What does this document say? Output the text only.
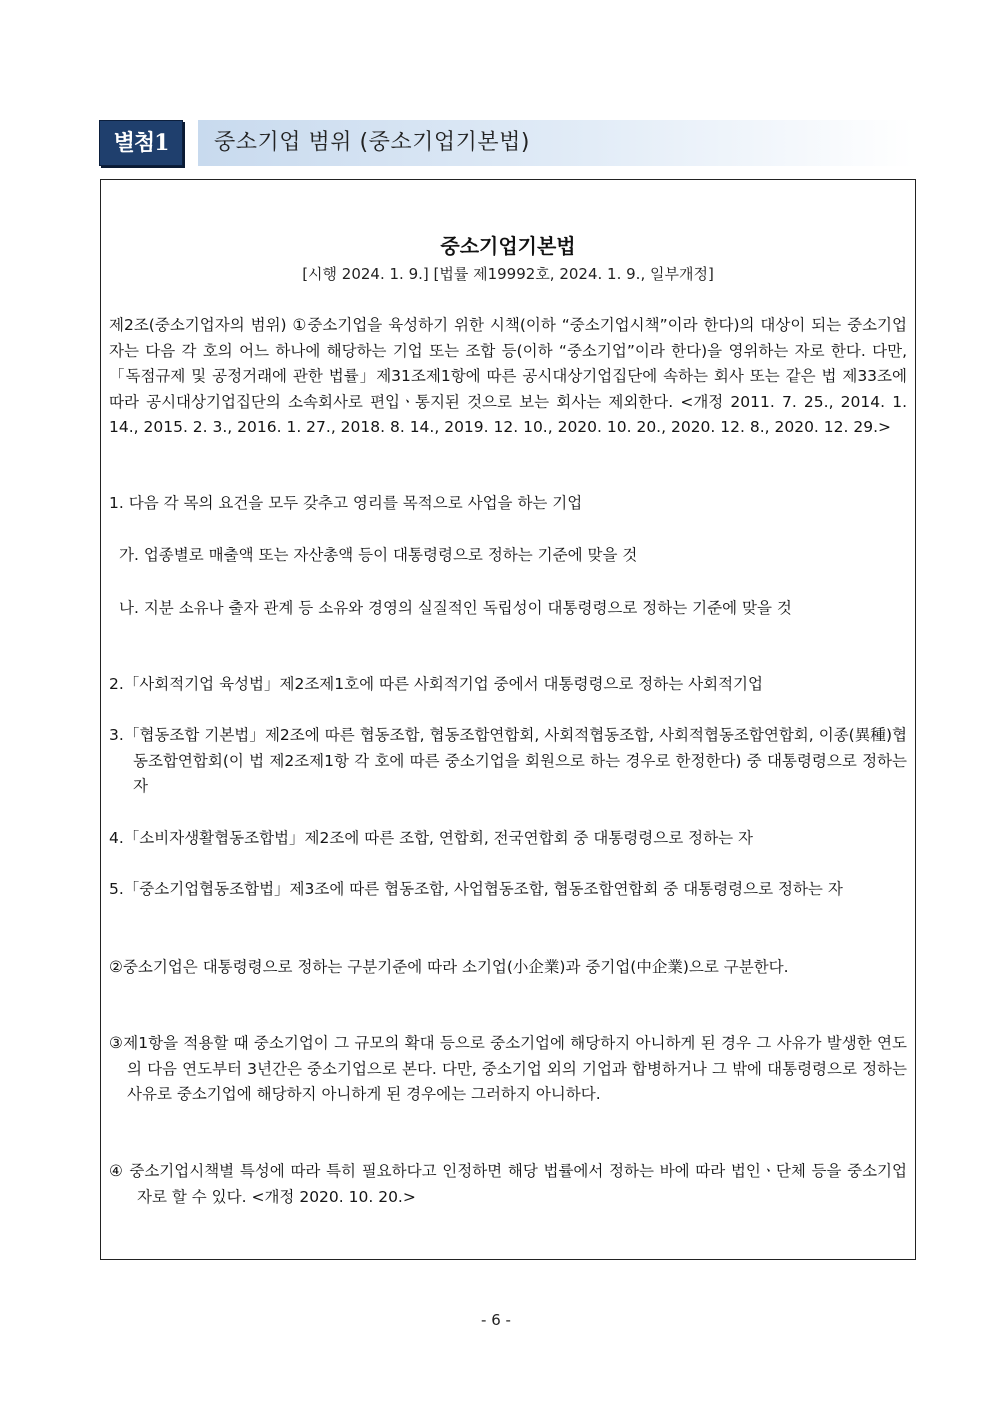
별첨1	중소기업 범위 (중소기업기본법)
중소기업기본법
[시행 2024. 1. 9.] [법률 제19992호, 2024. 1. 9., 일부개정]

제2조(중소기업자의 범위) ①중소기업을 육성하기 위한 시책(이하 “중소기업시책”이라 한다)의 대상이 되는 중소기업자는 다음 각 호의 어느 하나에 해당하는 기업 또는 조합 등(이하 “중소기업”이라 한다)을 영위하는 자로 한다. 다만,「독점규제 및 공정거래에 관한 법률」제31조제1항에 따른 공시대상기업집단에 속하는 회사 또는 같은 법 제33조에 따라 공시대상기업집단의 소속회사로 편입ㆍ통지된 것으로 보는 회사는 제외한다. <개정 2011. 7. 25., 2014. 1. 14., 2015. 2. 3., 2016. 1. 27., 2018. 8. 14., 2019. 12. 10., 2020. 10. 20., 2020. 12. 8., 2020. 12. 29.>

1. 다음 각 목의 요건을 모두 갖추고 영리를 목적으로 사업을 하는 기업

가. 업종별로 매출액 또는 자산총액 등이 대통령령으로 정하는 기준에 맞을 것

나. 지분 소유나 출자 관계 등 소유와 경영의 실질적인 독립성이 대통령령으로 정하는 기준에 맞을 것

2.「사회적기업 육성법」제2조제1호에 따른 사회적기업 중에서 대통령령으로 정하는 사회적기업

3.「협동조합 기본법」제2조에 따른 협동조합, 협동조합연합회, 사회적협동조합, 사회적협동조합연합회, 이종(異種)협동조합연합회(이 법 제2조제1항 각 호에 따른 중소기업을 회원으로 하는 경우로 한정한다) 중 대통령령으로 정하는 자

4.「소비자생활협동조합법」제2조에 따른 조합, 연합회, 전국연합회 중 대통령령으로 정하는 자

5.「중소기업협동조합법」제3조에 따른 협동조합, 사업협동조합, 협동조합연합회 중 대통령령으로 정하는 자

②중소기업은 대통령령으로 정하는 구분기준에 따라 소기업(小企業)과 중기업(中企業)으로 구분한다.

③제1항을 적용할 때 중소기업이 그 규모의 확대 등으로 중소기업에 해당하지 아니하게 된 경우 그 사유가 발생한 연도의 다음 연도부터 3년간은 중소기업으로 본다. 다만, 중소기업 외의 기업과 합병하거나 그 밖에 대통령령으로 정하는 사유로 중소기업에 해당하지 아니하게 된 경우에는 그러하지 아니하다.

④ 중소기업시책별 특성에 따라 특히 필요하다고 인정하면 해당 법률에서 정하는 바에 따라 법인ㆍ단체 등을 중소기업자로 할 수 있다. <개정 2020. 10. 20.>

- 6 -
